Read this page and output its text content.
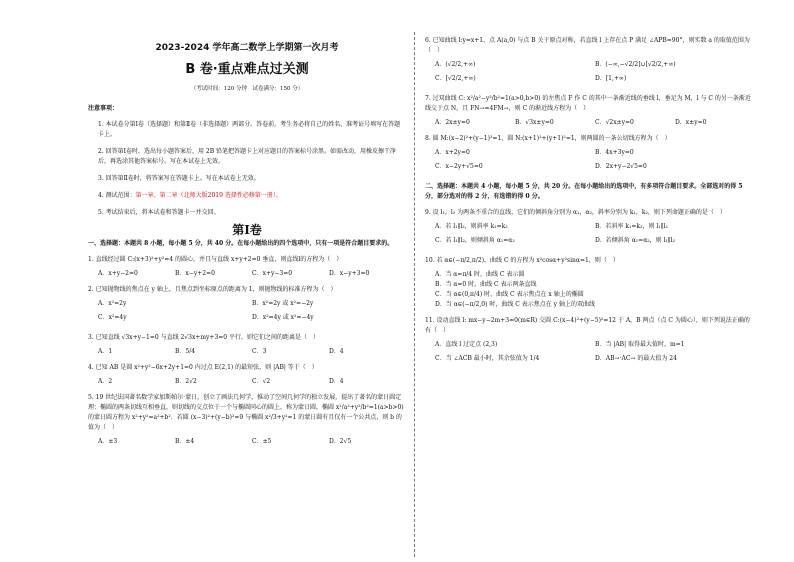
2023-2024 学年高二数学上学期第一次月考
B 卷·重点难点过关测
（考试时间：120 分钟　试卷满分：150 分）
注意事项：
1. 本试卷分第Ⅰ卷（选择题）和第Ⅱ卷（非选择题）两部分。答卷前，考生务必将自己的姓名、准考证号填写在答题卡上。
2. 回答第Ⅰ卷时，选出每小题答案后，用 2B 铅笔把答题卡上对应题目的答案标号涂黑。如需改动，用橡皮擦干净后，再选涂其他答案标号。写在本试卷上无效。
3. 回答第Ⅱ卷时，将答案写在答题卡上。写在本试卷上无效。
4. 测试范围：第一章、第二章（北师大版2019 选择性必修第一册）。
5. 考试结束后，将本试卷和答题卡一并交回。
第Ⅰ卷
一、选择题：本题共 8 小题，每小题 5 分，共 40 分。在每小题给出的四个选项中，只有一项是符合题目要求的。
1. 直线经过圆 C:(x+3)²+y²=4 的圆心，并且与直线 x+y+2=0 垂直，则直线l的方程为（　）
A．x+y−2=0	B．x−y+2=0	C．x+y−3=0	D．x−y+3=0
2. 已知抛物线的焦点在 y 轴上，且焦点到坐标原点的距离为 1，则抛物线的标准方程为（　）
A．x²=2y	B．x²=2y 或 x²=−2y
C．x²=4y	D．x²=4y 或 x²=−4y
3. 已知直线 √3x+y−1=0 与直线 2√3x+my+3=0 平行，则它们之间的距离是（　）
A．1	B．5/4	C．3	D．4
4. 已知 AB 是圆 x²+y²−6x+2y+1=0 内过点 E(2,1) 的最短弦，则 |AB| 等于（　）
A．2	B．2√2	C．√2	D．4
5. 19 世纪法国著名数学家加斯帕尔·蒙日，创立了画法几何学，推动了空间几何学的独立发展，提出了著名的蒙日圆定理：椭圆的两条切线互相垂直，则切线的交点位于一个与椭圆同心的圆上，称为蒙日圆，椭圆 x²/a²+y²/b²=1(a>b>0) 的蒙日圆方程为 x²+y²=a²+b²．若圆 (x−3)²+(y−b)²=9 与椭圆 x²/3+y²=1 的蒙日圆有且仅有一个公共点，则 b 的值为（　）
A．±3	B．±4	C．±5	D．2√5
6. 已知曲线 l:y=x+1，点 A(a,0) 与点 B 关于原点对称，若直线 l 上存在点 P 满足 ∠APB=90°，则实数 a 的取值范围为（　）
A．(√2/2,+∞)	B．(−∞,−√2/2]∪[√2/2,+∞)
C．[√2/2,+∞)	D．[1,+∞)
7. 过双曲线 C: x²/a²−y²/b²=1(a>0,b>0) 的左焦点 F 作 C 的其中一条渐近线的垂线 l，垂足为 M，l 与 C 的另一条渐近线交于点 N，且 FN→=4FM→，则 C 的渐近线方程为（　）
A．2x±y=0	B．√3x±y=0	C．√2x±y=0	D．x±y=0
8. 圆 M:(x−2)²+(y−1)²=1，圆 N:(x+1)²+(y+1)²=1，则两圆的一条公切线方程为（　）
A．x+2y=0	B．4x+3y=0
C．x−2y+√5=0	D．2x+y−2√5=0
二、选择题：本题共 4 小题，每小题 5 分，共 20 分。在每小题给出的选项中，有多项符合题目要求。全部选对的得 5 分，部分选对的得 2 分，有选错的得 0 分。
9. 设 l₁，l₂ 为两条不重合的直线，它们的倾斜角分别为 α₁，α₂，斜率分别为 k₁，k₂，则下列命题正确的是（　）
A．若 l₁∥l₂，则斜率 k₁=k₂	B．若斜率 k₁=k₂，则 l₁∥l₂
C．若 l₁∥l₂，则倾斜角 α₁=α₂	D．若倾斜角 α₁=α₂，则 l₁∥l₂
10. 若 α∈(−π/2,π/2)，曲线 C 的方程为 x²cosα+y²sinα=1，则（　）
A．当 α=π/4 时，曲线 C 表示圆
B．当 α=0 时，曲线 C 表示两条直线
C．当 α∈(0,π/4) 时，曲线 C 表示焦点在 x 轴上的椭圆
D．当 α∈(−π/2,0) 时，曲线 C 表示焦点在 y 轴上的双曲线
11. 设动直线 l: mx−y−2m+3=0(m∈R) 交圆 C:(x−4)²+(y−5)²=12 于 A，B 两点（点 C 为圆心），则下列说法正确的有（　）
A．直线 l 过定点 (2,3)	B．当 |AB| 取得最大值时，m=1
C．当 ∠ACB 最小时，其余弦值为 1/4	D．AB→·AC→ 的最大值为 24
